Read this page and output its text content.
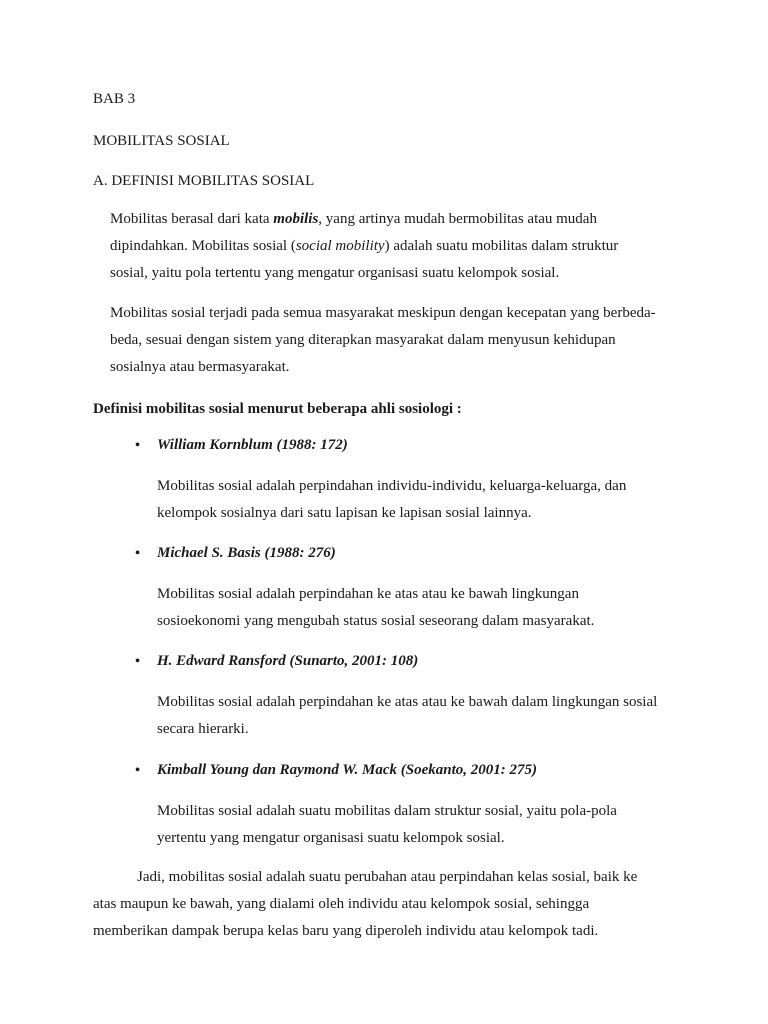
BAB 3
MOBILITAS SOSIAL
A. DEFINISI MOBILITAS SOSIAL
Mobilitas berasal dari kata mobilis, yang artinya mudah bermobilitas atau mudah
dipindahkan. Mobilitas sosial (social mobility) adalah suatu mobilitas dalam struktur
sosial, yaitu pola tertentu yang mengatur organisasi suatu kelompok sosial.
Mobilitas sosial terjadi pada semua masyarakat meskipun dengan kecepatan yang berbeda-
beda, sesuai dengan sistem yang diterapkan masyarakat dalam menyusun kehidupan
sosialnya atau bermasyarakat.
Definisi mobilitas sosial menurut beberapa ahli sosiologi :
• William Kornblum (1988: 172)
Mobilitas sosial adalah perpindahan individu-individu, keluarga-keluarga, dan
kelompok sosialnya dari satu lapisan ke lapisan sosial lainnya.
• Michael S. Basis (1988: 276)
Mobilitas sosial adalah perpindahan ke atas atau ke bawah lingkungan
sosioekonomi yang mengubah status sosial seseorang dalam masyarakat.
• H. Edward Ransford (Sunarto, 2001: 108)
Mobilitas sosial adalah perpindahan ke atas atau ke bawah dalam lingkungan sosial
secara hierarki.
• Kimball Young dan Raymond W. Mack (Soekanto, 2001: 275)
Mobilitas sosial adalah suatu mobilitas dalam struktur sosial, yaitu pola-pola
yertentu yang mengatur organisasi suatu kelompok sosial.
Jadi, mobilitas sosial adalah suatu perubahan atau perpindahan kelas sosial, baik ke
atas maupun ke bawah, yang dialami oleh individu atau kelompok sosial, sehingga
memberikan dampak berupa kelas baru yang diperoleh individu atau kelompok tadi.
